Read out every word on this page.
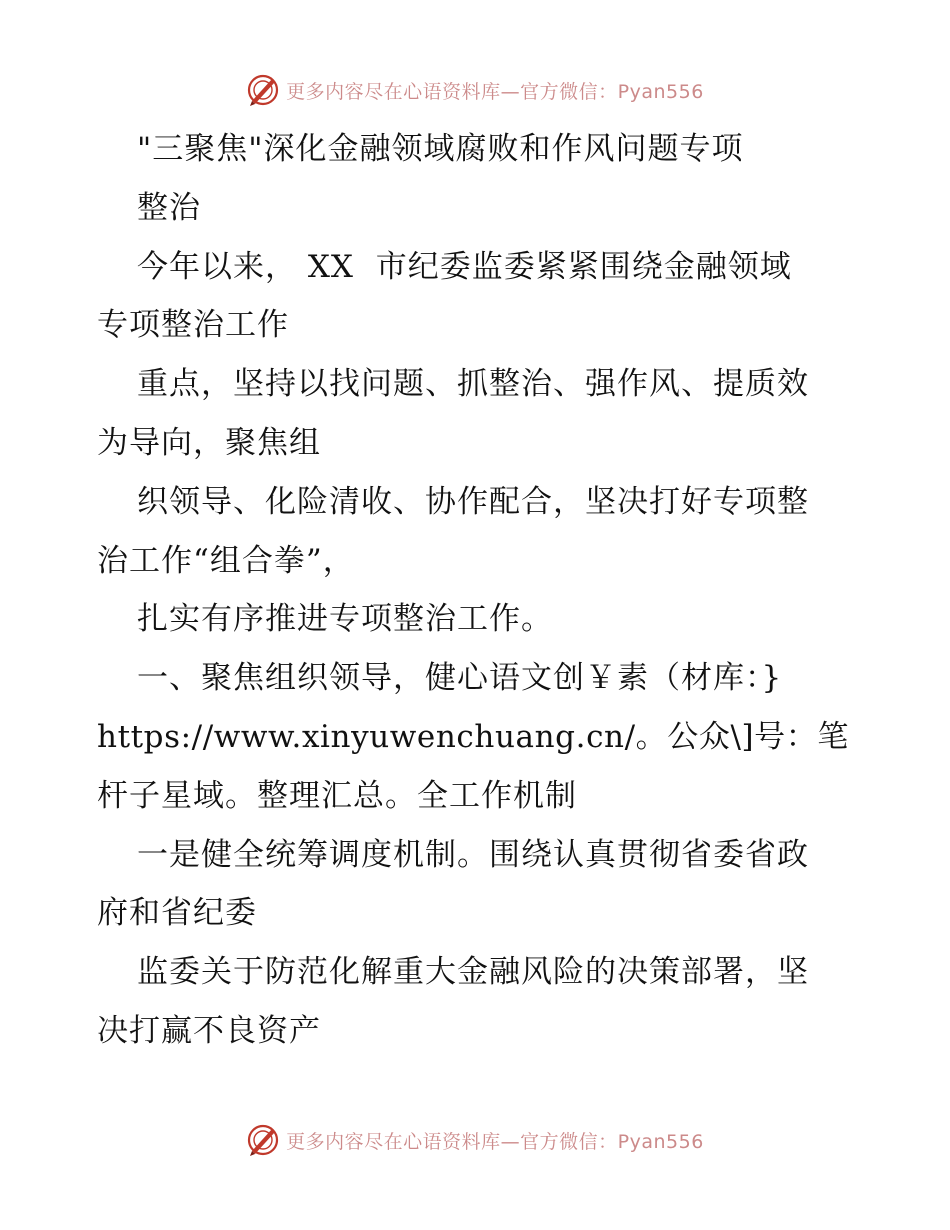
更多内容尽在心语资料库—官方微信：Pyan556
"三聚焦"深化金融领域腐败和作风问题专项
整治
今年以来， XX  市纪委监委紧紧围绕金融领域
专项整治工作
重点，坚持以找问题、抓整治、强作风、提质效
为导向，聚焦组
织领导、化险清收、协作配合，坚决打好专项整
治工作“组合拳”，
扎实有序推进专项整治工作。
一、聚焦组织领导，健心语文创￥素（材库：}
https://www.xinyuwenchuang.cn/。公众\]号：笔
杆子星域。整理汇总。全工作机制
一是健全统筹调度机制。围绕认真贯彻省委省政
府和省纪委
监委关于防范化解重大金融风险的决策部署，坚
决打赢不良资产
更多内容尽在心语资料库—官方微信：Pyan556
